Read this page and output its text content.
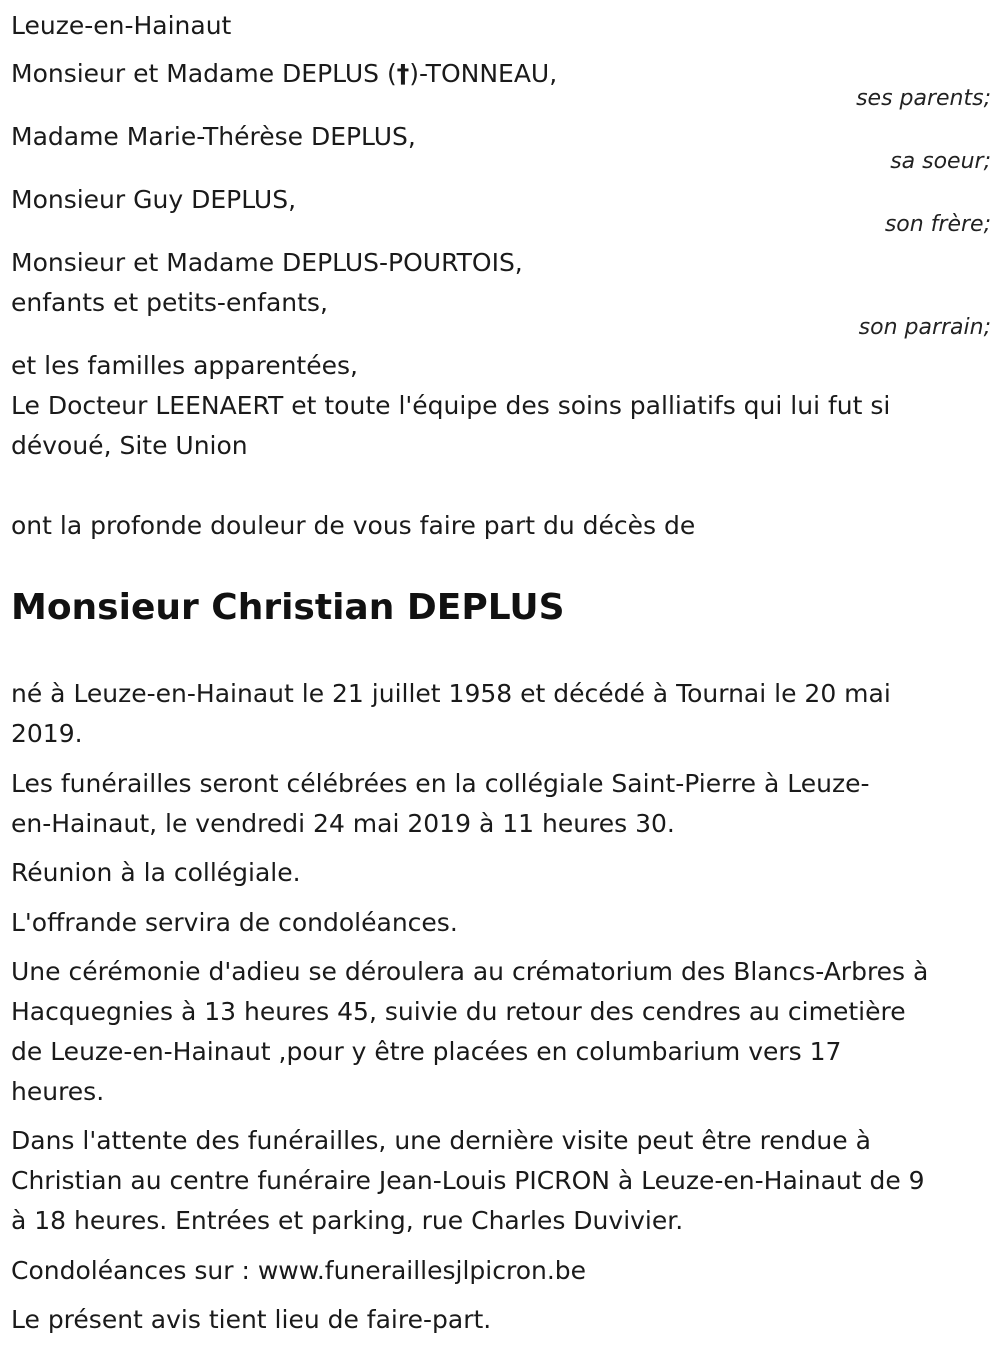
Leuze-en-Hainaut

Monsieur et Madame DEPLUS (†)-TONNEAU,

ses parents;

Madame Marie-Thérèse DEPLUS,

sa soeur;

Monsieur Guy DEPLUS,

son frère;

Monsieur et Madame DEPLUS-POURTOIS,

enfants et petits-enfants,

son parrain;

et les familles apparentées,

Le Docteur LEENAERT et toute l'équipe des soins palliatifs qui lui fut si

dévoué, Site Union

ont la profonde douleur de vous faire part du décès de

Monsieur Christian DEPLUS

né à Leuze-en-Hainaut le 21 juillet 1958 et décédé à Tournai le 20 mai

2019.

Les funérailles seront célébrées en la collégiale Saint-Pierre à Leuze-

en-Hainaut, le vendredi 24 mai 2019 à 11 heures 30.

Réunion à la collégiale.

L'offrande servira de condoléances.

Une cérémonie d'adieu se déroulera au crématorium des Blancs-Arbres à

Hacquegnies à 13 heures 45, suivie du retour des cendres au cimetière

de Leuze-en-Hainaut ,pour y être placées en columbarium vers 17

heures.

Dans l'attente des funérailles, une dernière visite peut être rendue à

Christian au centre funéraire Jean-Louis PICRON à Leuze-en-Hainaut de 9

à 18 heures. Entrées et parking, rue Charles Duvivier.

Condoléances sur : www.funeraillesjlpicron.be

Le présent avis tient lieu de faire-part.
